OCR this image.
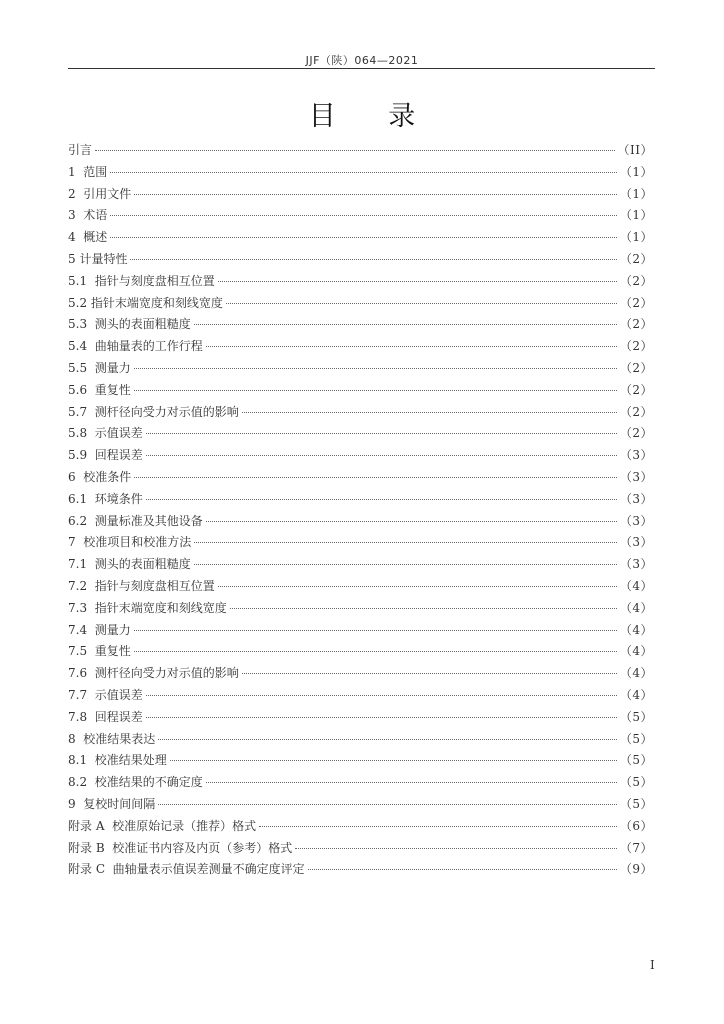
JJF（陕）064—2021
目 录
引言	（II）
1  范围	（1）
2  引用文件	（1）
3  术语	（1）
4  概述	（1）
5 计量特性	（2）
5.1  指针与刻度盘相互位置	（2）
5.2 指针末端宽度和刻线宽度	（2）
5.3  测头的表面粗糙度	（2）
5.4  曲轴量表的工作行程	（2）
5.5  测量力	（2）
5.6  重复性	（2）
5.7  测杆径向受力对示值的影响	（2）
5.8  示值误差	（2）
5.9  回程误差	（3）
6  校准条件	（3）
6.1  环境条件	（3）
6.2  测量标准及其他设备	（3）
7  校准项目和校准方法	（3）
7.1  测头的表面粗糙度	（3）
7.2  指针与刻度盘相互位置	（4）
7.3  指针末端宽度和刻线宽度	（4）
7.4  测量力	（4）
7.5  重复性	（4）
7.6  测杆径向受力对示值的影响	（4）
7.7  示值误差	（4）
7.8  回程误差	（5）
8  校准结果表达	（5）
8.1  校准结果处理	（5）
8.2  校准结果的不确定度	（5）
9  复校时间间隔	（5）
附录 A  校准原始记录（推荐）格式	（6）
附录 B  校准证书内容及内页（参考）格式	（7）
附录 C  曲轴量表示值误差测量不确定度评定	（9）
I
